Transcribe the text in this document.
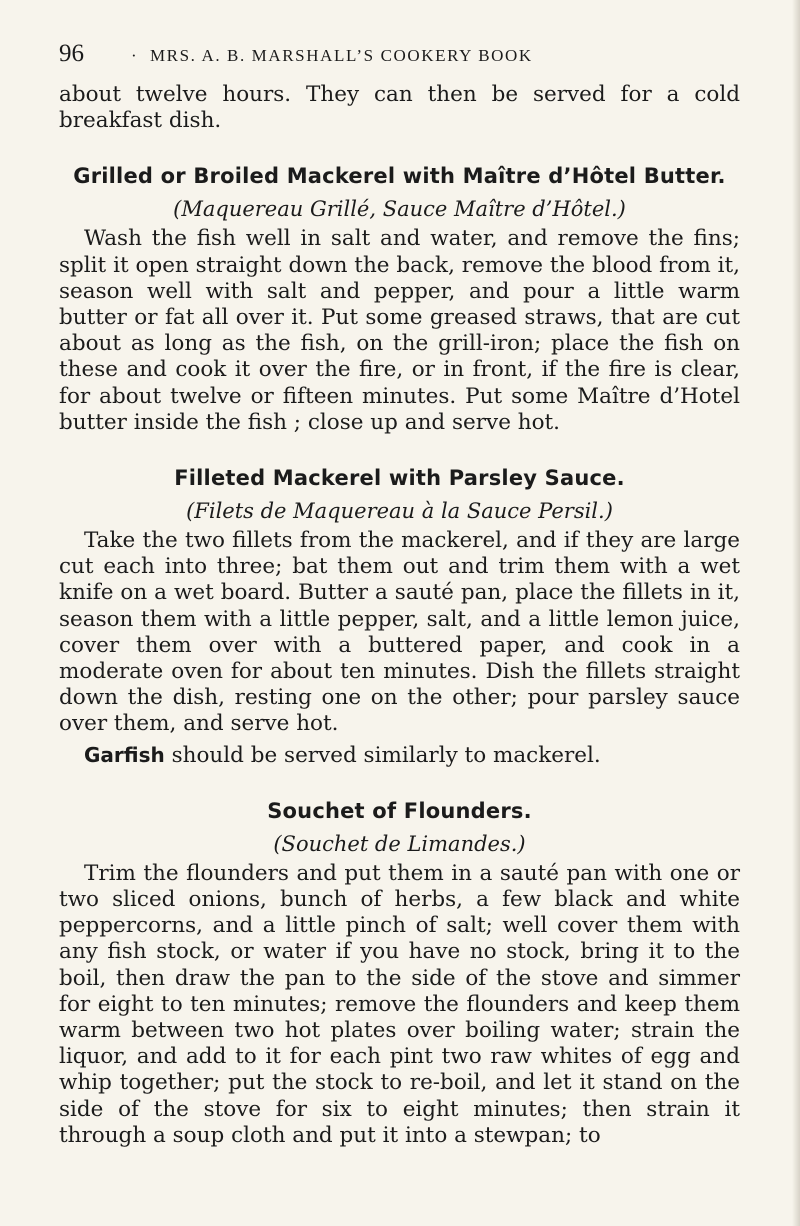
96	· MRS. A. B. MARSHALL’S COOKERY BOOK

about twelve hours. They can then be served for a cold breakfast dish.

Grilled or Broiled Mackerel with Maître d’Hôtel Butter.
(Maquereau Grillé, Sauce Maître d’Hôtel.)

Wash the fish well in salt and water, and remove the fins; split it open straight down the back, remove the blood from it, season well with salt and pepper, and pour a little warm butter or fat all over it. Put some greased straws, that are cut about as long as the fish, on the grill-iron; place the fish on these and cook it over the fire, or in front, if the fire is clear, for about twelve or fifteen minutes. Put some Maître d’Hotel butter inside the fish ; close up and serve hot.

Filleted Mackerel with Parsley Sauce.
(Filets de Maquereau à la Sauce Persil.)

Take the two fillets from the mackerel, and if they are large cut each into three; bat them out and trim them with a wet knife on a wet board. Butter a sauté pan, place the fillets in it, season them with a little pepper, salt, and a little lemon juice, cover them over with a buttered paper, and cook in a moderate oven for about ten minutes. Dish the fillets straight down the dish, resting one on the other; pour parsley sauce over them, and serve hot.

Garfish should be served similarly to mackerel.

Souchet of Flounders.
(Souchet de Limandes.)

Trim the flounders and put them in a sauté pan with one or two sliced onions, bunch of herbs, a few black and white peppercorns, and a little pinch of salt; well cover them with any fish stock, or water if you have no stock, bring it to the boil, then draw the pan to the side of the stove and simmer for eight to ten minutes; remove the flounders and keep them warm between two hot plates over boiling water; strain the liquor, and add to it for each pint two raw whites of egg and whip together; put the stock to re-boil, and let it stand on the side of the stove for six to eight minutes; then strain it through a soup cloth and put it into a stewpan; to
